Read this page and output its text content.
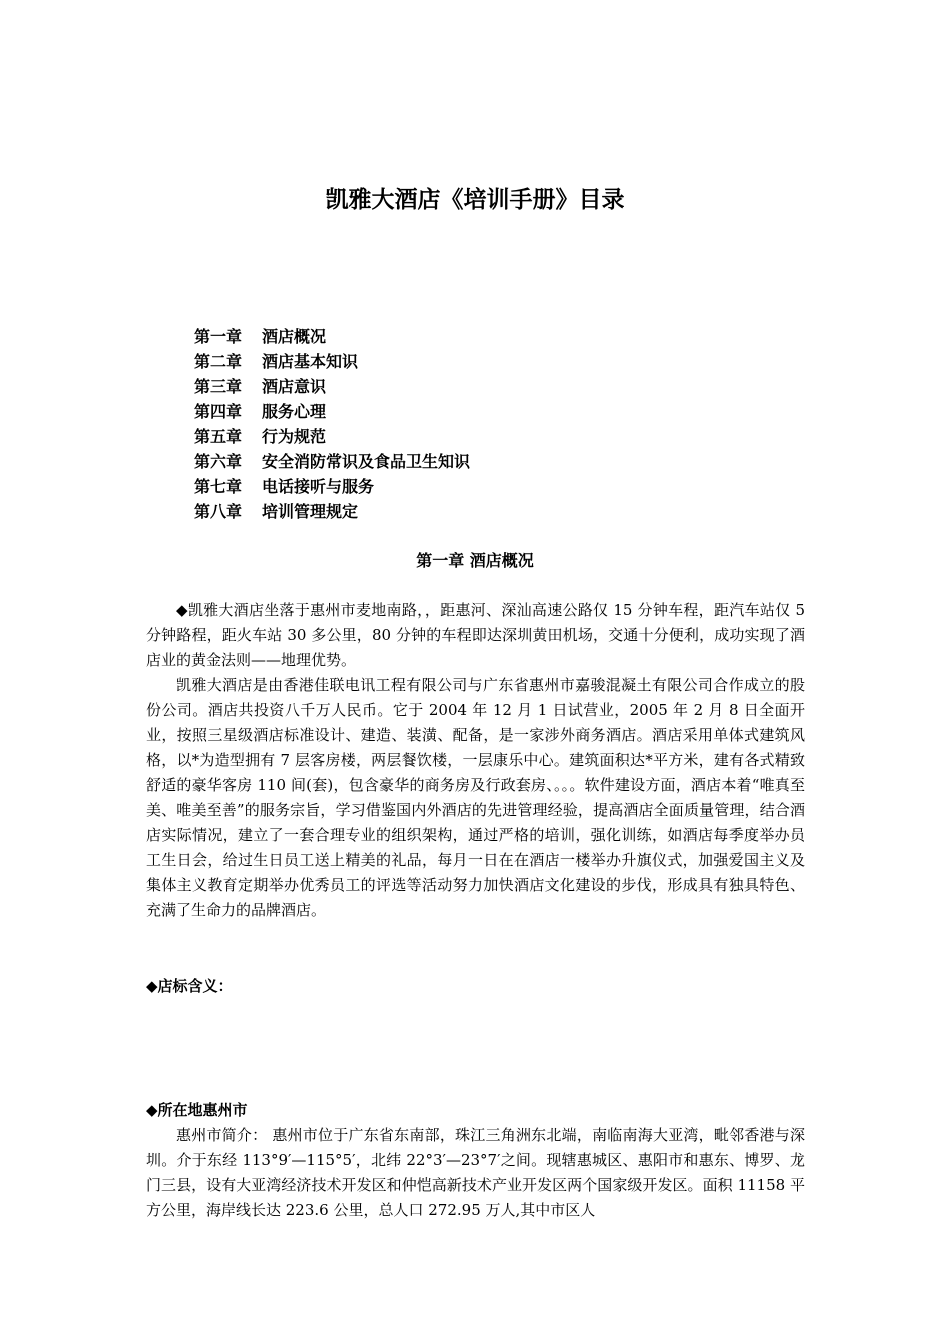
凯雅大酒店《培训手册》目录
第一章 酒店概况
第二章 酒店基本知识
第三章 酒店意识
第四章 服务心理
第五章 行为规范
第六章 安全消防常识及食品卫生知识
第七章 电话接听与服务
第八章 培训管理规定
第一章 酒店概况

◆凯雅大酒店坐落于惠州市麦地南路，，距惠河、深汕高速公路仅 15 分钟车程，距汽车站仅 5 分钟路程，距火车站 30 多公里，80 分钟的车程即达深圳黄田机场，交通十分便利，成功实现了酒店业的黄金法则——地理优势。

凯雅大酒店是由香港佳联电讯工程有限公司与广东省惠州市嘉骏混凝土有限公司合作成立的股份公司。酒店共投资八千万人民币。它于 2004 年 12 月 1 日试营业，2005 年 2 月 8 日全面开业，按照三星级酒店标准设计、建造、装潢、配备，是一家涉外商务酒店。酒店采用单体式建筑风格，以*为造型拥有 7 层客房楼，两层餐饮楼，一层康乐中心。建筑面积达*平方米，建有各式精致舒适的豪华客房 110 间(套)，包含豪华的商务房及行政套房、。。。软件建设方面，酒店本着“唯真至美、唯美至善”的服务宗旨，学习借鉴国内外酒店的先进管理经验，提高酒店全面质量管理，结合酒店实际情况，建立了一套合理专业的组织架构，通过严格的培训，强化训练，如酒店每季度举办员工生日会，给过生日员工送上精美的礼品，每月一日在在酒店一楼举办升旗仪式，加强爱国主义及集体主义教育定期举办优秀员工的评选等活动努力加快酒店文化建设的步伐，形成具有独具特色、充满了生命力的品牌酒店。

◆店标含义：
◆所在地惠州市

惠州市简介： 惠州市位于广东省东南部，珠江三角洲东北端，南临南海大亚湾，毗邻香港与深圳。介于东经 113°9′—115°5′，北纬 22°3′—23°7′之间。现辖惠城区、惠阳市和惠东、博罗、龙门三县，设有大亚湾经济技术开发区和仲恺高新技术产业开发区两个国家级开发区。面积 11158 平方公里，海岸线长达 223.6 公里，总人口 272.95 万人,其中市区人
